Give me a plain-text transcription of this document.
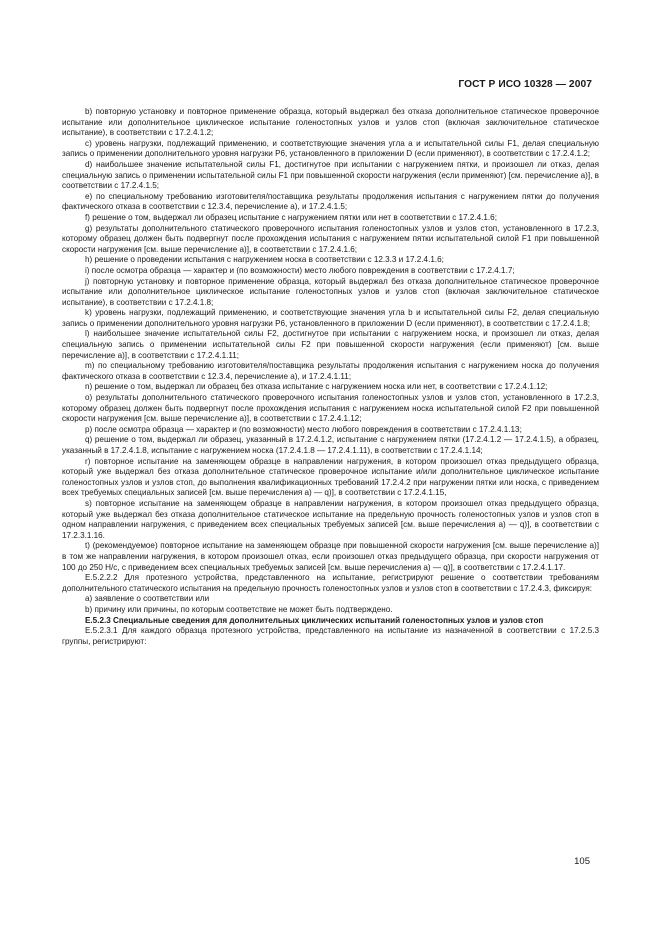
ГОСТ Р ИСО 10328 — 2007

b) повторную установку и повторное применение образца, который выдержал без отказа дополнительное статическое проверочное испытание или дополнительное циклическое испытание голеностопных узлов и узлов стоп (включая заключительное статическое испытание), в соответствии с 17.2.4.1.2;

c) уровень нагрузки, подлежащий применению, и соответствующие значения угла a и испытательной силы F1, делая специальную запись о применении дополнительного уровня нагрузки P6, установленного в приложении D (если применяют), в соответствии с 17.2.4.1.2;

d) наибольшее значение испытательной силы F1, достигнутое при испытании с нагружением пятки, и произошел ли отказ, делая специальную запись о применении испытательной силы F1 при повышенной скорости нагружения (если применяют) [см. перечисление а)], в соответствии с 17.2.4.1.5;

e) по специальному требованию изготовителя/поставщика результаты продолжения испытания с нагружением пятки до получения фактического отказа в соответствии с 12.3.4, перечисление а), и 17.2.4.1.5;

f) решение о том, выдержал ли образец испытание с нагружением пятки или нет в соответствии с 17.2.4.1.6;

g) результаты дополнительного статического проверочного испытания голеностопных узлов и узлов стоп, установленного в 17.2.3, которому образец должен быть подвергнут после прохождения испытания с нагружением пятки испытательной силой F1 при повышенной скорости нагружения [см. выше перечисление а)], в соответствии с 17.2.4.1.6;

h) решение о проведении испытания с нагружением носка в соответствии с 12.3.3 и 17.2.4.1.6;

i) после осмотра образца — характер и (по возможности) место любого повреждения в соответствии с 17.2.4.1.7;

j) повторную установку и повторное применение образца, который выдержал без отказа дополнительное статическое проверочное испытание или дополнительное циклическое испытание голеностопных узлов и узлов стоп (включая заключительное статическое испытание), в соответствии с 17.2.4.1.8;

k) уровень нагрузки, подлежащий применению, и соответствующие значения угла b и испытательной силы F2, делая специальную запись о применении дополнительного уровня нагрузки P6, установленного в приложении D (если применяют), в соответствии с 17.2.4.1.8;

l) наибольшее значение испытательной силы F2, достигнутое при испытании с нагружением носка, и произошел ли отказ, делая специальную запись о применении испытательной силы F2 при повышенной скорости нагружения (если применяют) [см. выше перечисление а)], в соответствии с 17.2.4.1.11;

m) по специальному требованию изготовителя/поставщика результаты продолжения испытания с нагружением носка до получения фактического отказа в соответствии с 12.3.4, перечисление а), и 17.2.4.1.11;

n) решение о том, выдержал ли образец без отказа испытание с нагружением носка или нет, в соответствии с 17.2.4.1.12;

o) результаты дополнительного статического проверочного испытания голеностопных узлов и узлов стоп, установленного в 17.2.3, которому образец должен быть подвергнут после прохождения испытания с нагружением носка испытательной силой F2 при повышенной скорости нагружения [см. выше перечисление а)], в соответствии с 17.2.4.1.12;

p) после осмотра образца — характер и (по возможности) место любого повреждения в соответствии с 17.2.4.1.13;

q) решение о том, выдержал ли образец, указанный в 17.2.4.1.2, испытание с нагружением пятки (17.2.4.1.2 — 17.2.4.1.5), а образец, указанный в 17.2.4.1.8, испытание с нагружением носка (17.2.4.1.8 — 17.2.4.1.11), в соответствии с 17.2.4.1.14;

r) повторное испытание на заменяющем образце в направлении нагружения, в котором произошел отказ предыдущего образца, который уже выдержал без отказа дополнительное статическое проверочное испытание и/или дополнительное циклическое испытание голеностопных узлов и узлов стоп, до выполнения квалификационных требований 17.2.4.2 при нагружении пятки или носка, с приведением всех требуемых специальных записей [см. выше перечисления а) — q)], в соответствии с 17.2.4.1.15,

s) повторное испытание на заменяющем образце в направлении нагружения, в котором произошел отказ предыдущего образца, который уже выдержал без отказа дополнительное статическое испытание на предельную прочность голеностопных узлов и узлов стоп в одном направлении нагружения, с приведением всех специальных требуемых записей [см. выше перечисления а) — q)], в соответствии с 17.2.3.1.16.

t) (рекомендуемое) повторное испытание на заменяющем образце при повышенной скорости нагружения [см. выше перечисление а)] в том же направлении нагружения, в котором произошел отказ, если произошел отказ предыдущего образца, при скорости нагружения от 100 до 250 Н/с, с приведением всех специальных требуемых записей [см. выше перечисления а) — q)], в соответствии с 17.2.4.1.17.

E.5.2.2.2 Для протезного устройства, представленного на испытание, регистрируют решение о соответствии требованиям дополнительного статического испытания на предельную прочность голеностопных узлов и узлов стоп в соответствии с 17.2.4.3, фиксируя:

a) заявление о соответствии или

b) причину или причины, по которым соответствие не может быть подтверждено.

E.5.2.3 Специальные сведения для дополнительных циклических испытаний голеностопных узлов и узлов стоп

E.5.2.3.1 Для каждого образца протезного устройства, представленного на испытание из назначенной в соответствии с 17.2.5.3 группы, регистрируют:

105
